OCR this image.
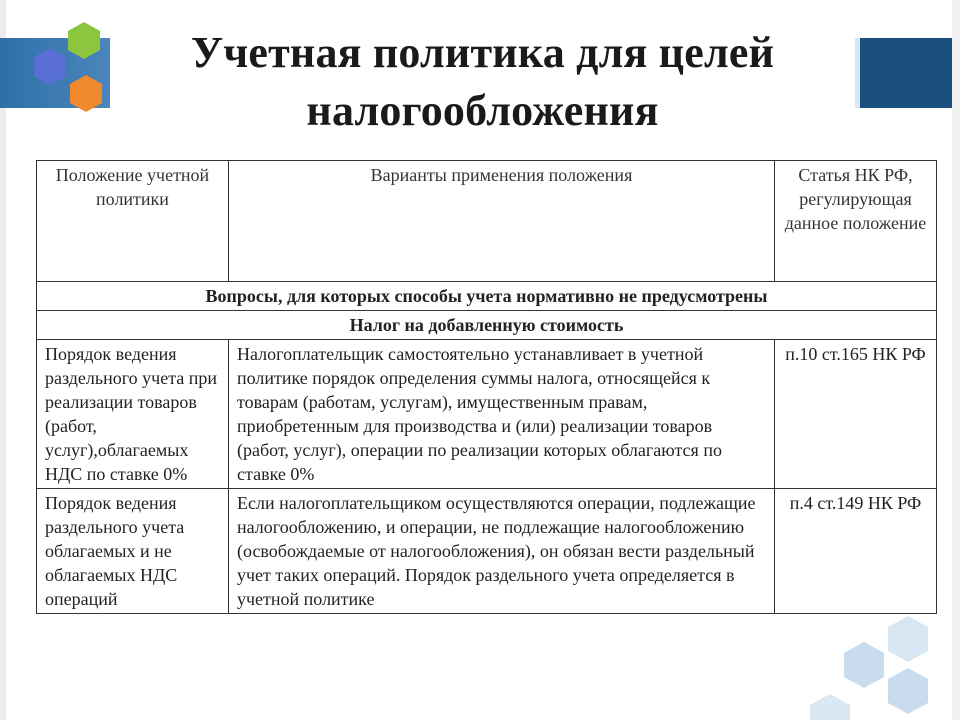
Учетная политика для целей
налогообложения
Положение учетной политики	Варианты применения положения	Статья НК РФ, регулирующая данное положение
Вопросы, для которых способы учета нормативно не предусмотрены		
Налог на добавленную стоимость		
Порядок ведения раздельного учета при реализации товаров (работ, услуг),облагаемых НДС по ставке 0%	Налогоплательщик самостоятельно устанавливает в учетной политике порядок определения суммы налога, относящейся к товарам (работам, услугам), имущественным правам, приобретенным для производства и (или) реализации товаров (работ, услуг), операции по реализации которых облагаются по ставке 0%	п.10 ст.165 НК РФ
Порядок ведения раздельного учета облагаемых и не облагаемых НДС операций	Если налогоплательщиком осуществляются операции, подлежащие налогообложению, и операции, не подлежащие налогообложению (освобождаемые от налогообложения), он обязан вести раздельный учет таких операций. Порядок раздельного учета определяется в учетной политике	п.4 ст.149 НК РФ
